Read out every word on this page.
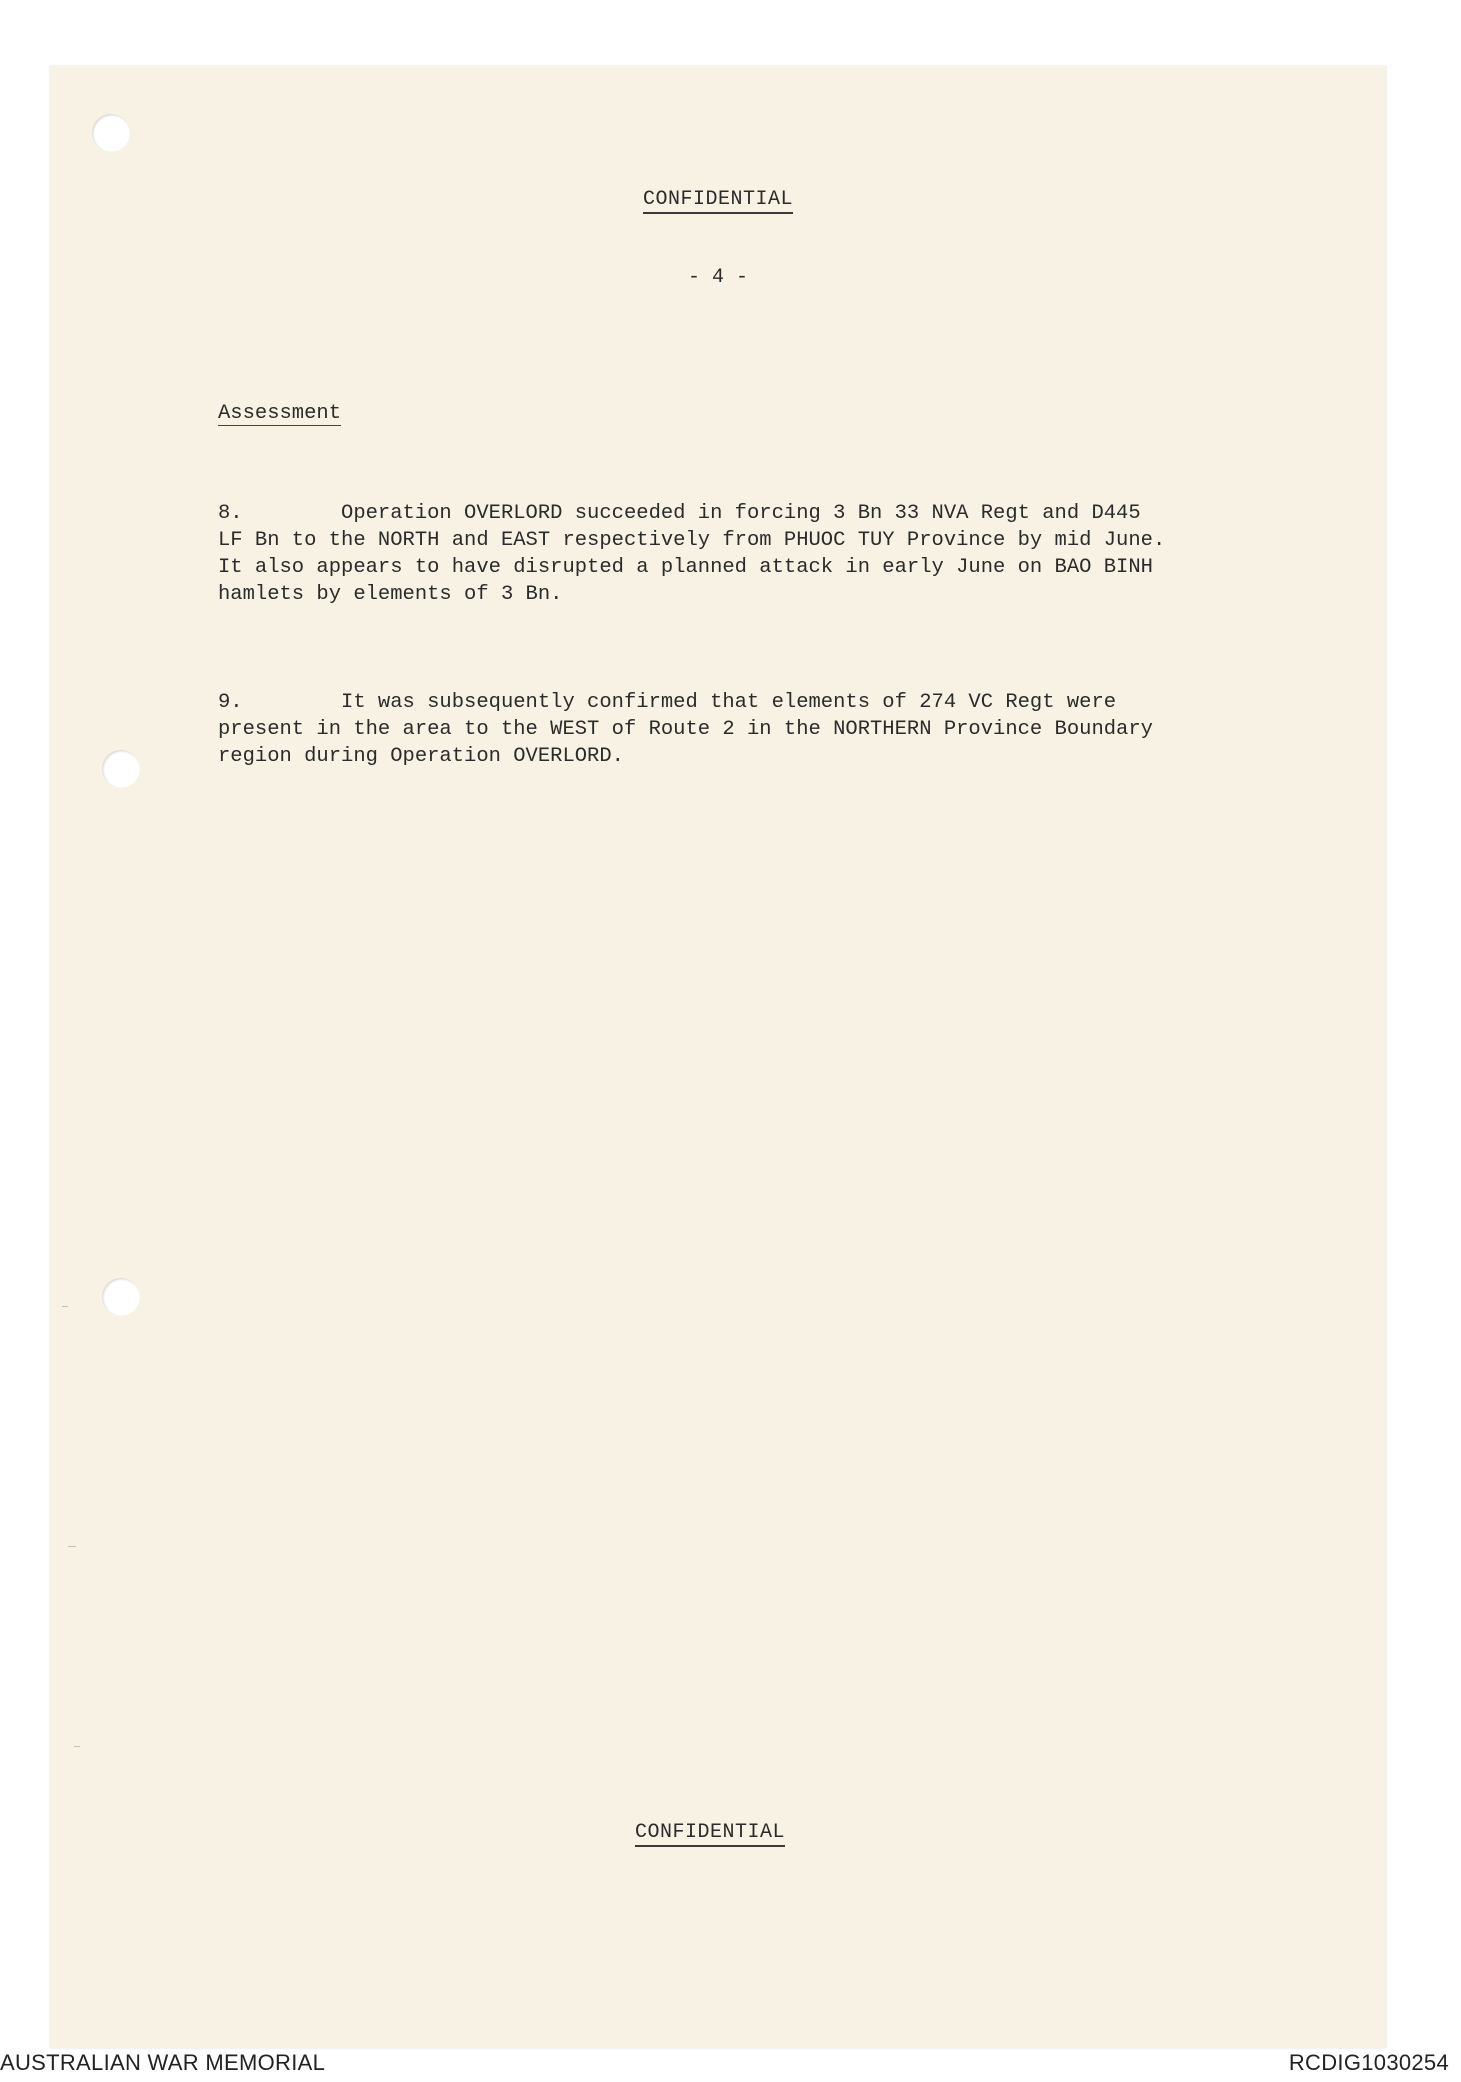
CONFIDENTIAL
- 4 -

Assessment

8.        Operation OVERLORD succeeded in forcing 3 Bn 33 NVA Regt and D445
LF Bn to the NORTH and EAST respectively from PHUOC TUY Province by mid June.
It also appears to have disrupted a planned attack in early June on BAO BINH
hamlets by elements of 3 Bn.

9.        It was subsequently confirmed that elements of 274 VC Regt were
present in the area to the WEST of Route 2 in the NORTHERN Province Boundary
region during Operation OVERLORD.

CONFIDENTIAL
AUSTRALIAN WAR MEMORIAL	RCDIG1030254
